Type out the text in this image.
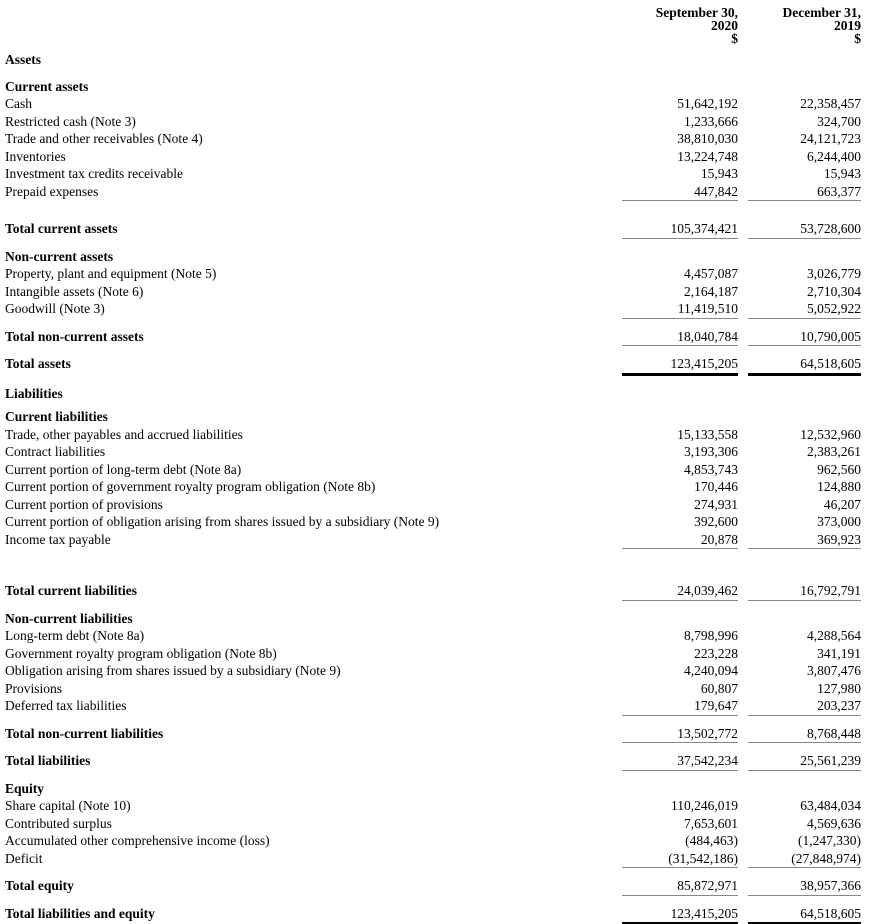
September 30,
2020
$
December 31,
2019
$
Assets
Current assets
Cash	51,642,192	22,358,457
Restricted cash (Note 3)	1,233,666	324,700
Trade and other receivables (Note 4)	38,810,030	24,121,723
Inventories	13,224,748	6,244,400
Investment tax credits receivable	15,943	15,943
Prepaid expenses	447,842	663,377
Total current assets	105,374,421	53,728,600
Non-current assets
Property, plant and equipment (Note 5)	4,457,087	3,026,779
Intangible assets (Note 6)	2,164,187	2,710,304
Goodwill (Note 3)	11,419,510	5,052,922
Total non-current assets	18,040,784	10,790,005
Total assets	123,415,205	64,518,605
Liabilities
Current liabilities
Trade, other payables and accrued liabilities	15,133,558	12,532,960
Contract liabilities	3,193,306	2,383,261
Current portion of long-term debt (Note 8a)	4,853,743	962,560
Current portion of government royalty program obligation (Note 8b)	170,446	124,880
Current portion of provisions	274,931	46,207
Current portion of obligation arising from shares issued by a subsidiary (Note 9)	392,600	373,000
Income tax payable	20,878	369,923
Total current liabilities	24,039,462	16,792,791
Non-current liabilities
Long-term debt (Note 8a)	8,798,996	4,288,564
Government royalty program obligation (Note 8b)	223,228	341,191
Obligation arising from shares issued by a subsidiary (Note 9)	4,240,094	3,807,476
Provisions	60,807	127,980
Deferred tax liabilities	179,647	203,237
Total non-current liabilities	13,502,772	8,768,448
Total liabilities	37,542,234	25,561,239
Equity
Share capital (Note 10)	110,246,019	63,484,034
Contributed surplus	7,653,601	4,569,636
Accumulated other comprehensive income (loss)	(484,463)	(1,247,330)
Deficit	(31,542,186)	(27,848,974)
Total equity	85,872,971	38,957,366
Total liabilities and equity	123,415,205	64,518,605
